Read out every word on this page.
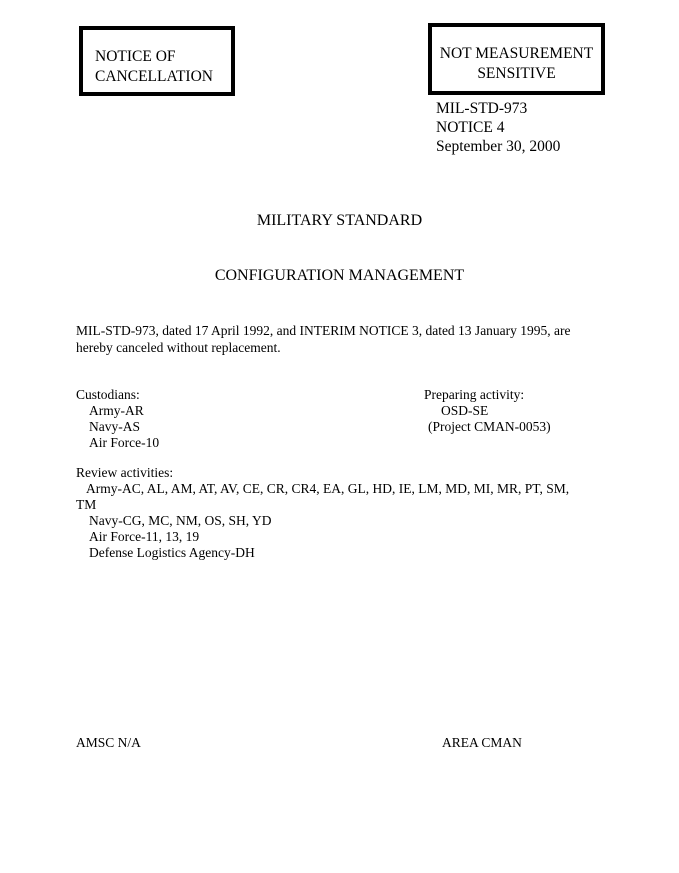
NOTICE OF
CANCELLATION
NOT MEASUREMENT
SENSITIVE
MIL-STD-973
NOTICE 4
September 30, 2000
MILITARY STANDARD
CONFIGURATION MANAGEMENT
MIL-STD-973, dated 17 April 1992, and INTERIM NOTICE 3, dated 13 January 1995, are
hereby canceled without replacement.
Custodians:
Army-AR
Navy-AS
Air Force-10
Preparing activity:
OSD-SE
(Project CMAN-0053)
Review activities:
Army-AC, AL, AM, AT, AV, CE, CR, CR4, EA, GL, HD, IE, LM, MD, MI, MR, PT, SM,
TM
Navy-CG, MC, NM, OS, SH, YD
Air Force-11, 13, 19
Defense Logistics Agency-DH
AMSC N/A	AREA CMAN
